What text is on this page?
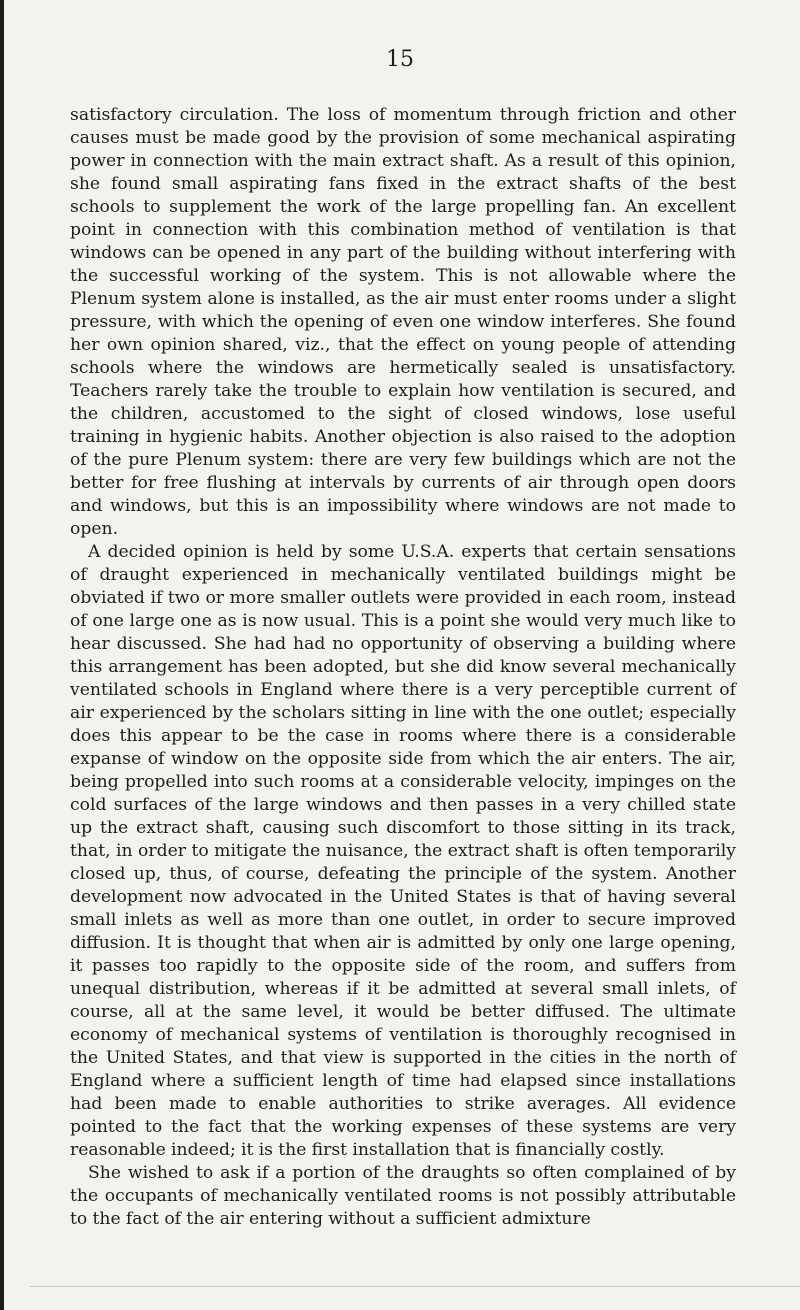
15

satisfactory circulation. The loss of momentum through friction and other causes must be made good by the provision of some mechanical aspirating power in connection with the main extract shaft. As a result of this opinion, she found small aspirating fans fixed in the extract shafts of the best schools to supplement the work of the large propelling fan. An excellent point in connection with this combination method of ventilation is that windows can be opened in any part of the building without interfering with the successful working of the system. This is not allowable where the Plenum system alone is installed, as the air must enter rooms under a slight pressure, with which the opening of even one window interferes. She found her own opinion shared, viz., that the effect on young people of attending schools where the windows are hermetically sealed is unsatisfactory. Teachers rarely take the trouble to explain how ventilation is secured, and the children, accustomed to the sight of closed windows, lose useful training in hygienic habits. Another objection is also raised to the adoption of the pure Plenum system: there are very few buildings which are not the better for free flushing at intervals by currents of air through open doors and windows, but this is an impossibility where windows are not made to open.

A decided opinion is held by some U.S.A. experts that certain sensations of draught experienced in mechanically ventilated buildings might be obviated if two or more smaller outlets were provided in each room, instead of one large one as is now usual. This is a point she would very much like to hear discussed. She had had no opportunity of observing a building where this arrangement has been adopted, but she did know several mechanically ventilated schools in England where there is a very perceptible current of air experienced by the scholars sitting in line with the one outlet; especially does this appear to be the case in rooms where there is a considerable expanse of window on the opposite side from which the air enters. The air, being propelled into such rooms at a considerable velocity, impinges on the cold surfaces of the large windows and then passes in a very chilled state up the extract shaft, causing such discomfort to those sitting in its track, that, in order to mitigate the nuisance, the extract shaft is often temporarily closed up, thus, of course, defeating the principle of the system. Another development now advocated in the United States is that of having several small inlets as well as more than one outlet, in order to secure improved diffusion. It is thought that when air is admitted by only one large opening, it passes too rapidly to the opposite side of the room, and suffers from unequal distribution, whereas if it be admitted at several small inlets, of course, all at the same level, it would be better diffused. The ultimate economy of mechanical systems of ventilation is thoroughly recognised in the United States, and that view is supported in the cities in the north of England where a sufficient length of time had elapsed since installations had been made to enable authorities to strike averages. All evidence pointed to the fact that the working expenses of these systems are very reasonable indeed; it is the first installation that is financially costly.

She wished to ask if a portion of the draughts so often complained of by the occupants of mechanically ventilated rooms is not possibly attributable to the fact of the air entering without a sufficient admixture
